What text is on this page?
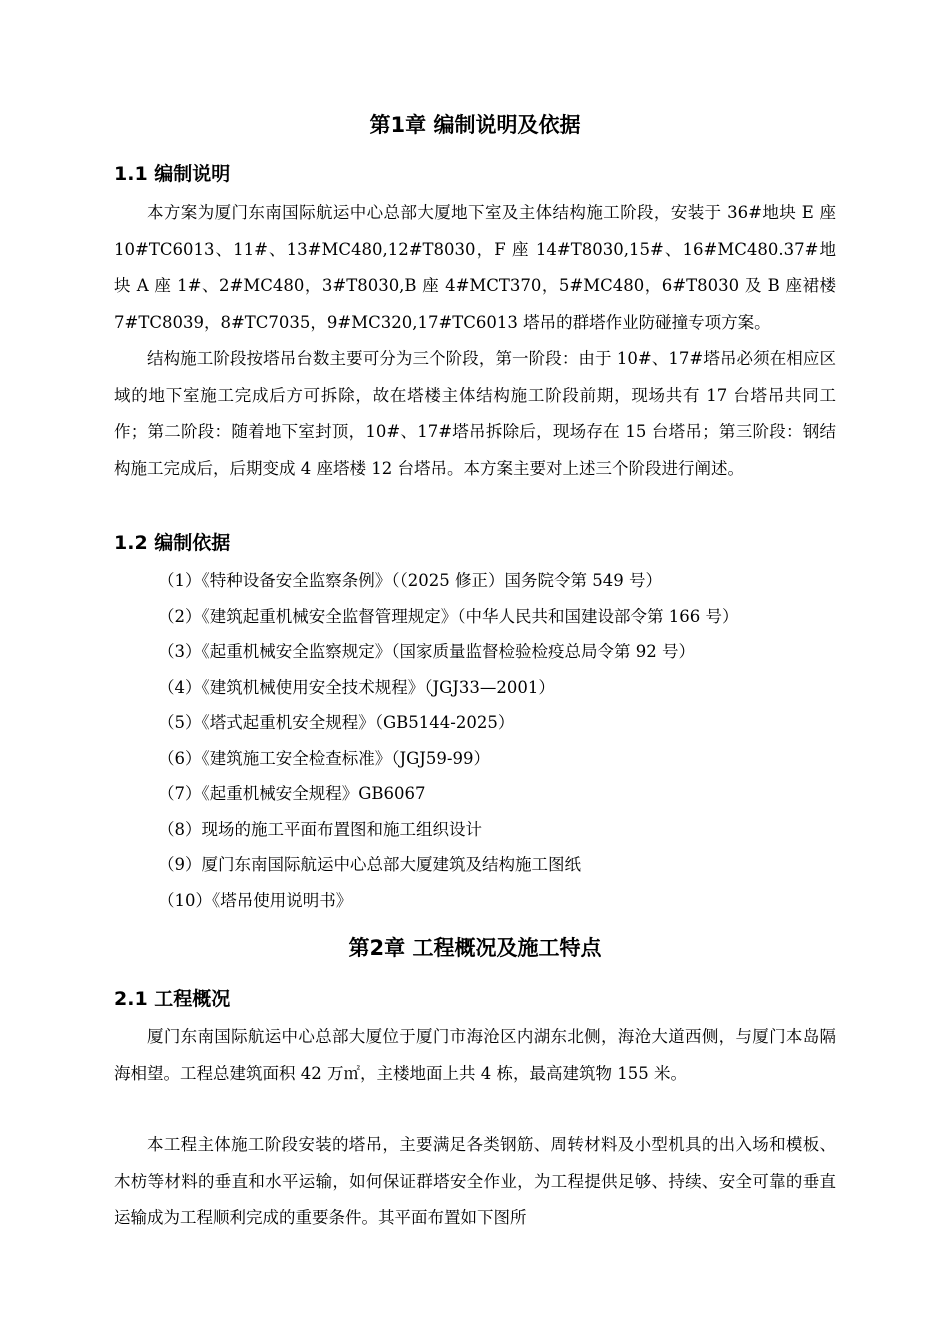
第1章 编制说明及依据
1.1 编制说明

本方案为厦门东南国际航运中心总部大厦地下室及主体结构施工阶段，安装于 36#地块 E 座 10#TC6013、11#、13#MC480,12#T8030，F 座 14#T8030,15#、16#MC480.37#地块 A 座 1#、2#MC480，3#T8030,B 座 4#MCT370，5#MC480，6#T8030 及 B 座裙楼 7#TC8039，8#TC7035，9#MC320,17#TC6013 塔吊的群塔作业防碰撞专项方案。

结构施工阶段按塔吊台数主要可分为三个阶段，第一阶段：由于 10#、17#塔吊必须在相应区域的地下室施工完成后方可拆除，故在塔楼主体结构施工阶段前期，现场共有 17 台塔吊共同工作；第二阶段：随着地下室封顶，10#、17#塔吊拆除后，现场存在 15 台塔吊；第三阶段：钢结构施工完成后，后期变成 4 座塔楼 12 台塔吊。本方案主要对上述三个阶段进行阐述。

1.2 编制依据
（1）《特种设备安全监察条例》（（2025 修正）国务院令第 549 号）
（2）《建筑起重机械安全监督管理规定》（中华人民共和国建设部令第 166 号）
（3）《起重机械安全监察规定》（国家质量监督检验检疫总局令第 92 号）
（4）《建筑机械使用安全技术规程》（JGJ33—2001）
（5）《塔式起重机安全规程》（GB5144-2025）
（6）《建筑施工安全检查标准》（JGJ59-99）
（7）《起重机械安全规程》GB6067
（8）现场的施工平面布置图和施工组织设计
（9）厦门东南国际航运中心总部大厦建筑及结构施工图纸
（10）《塔吊使用说明书》
第2章 工程概况及施工特点
2.1 工程概况

厦门东南国际航运中心总部大厦位于厦门市海沧区内湖东北侧，海沧大道西侧，与厦门本岛隔海相望。工程总建筑面积 42 万㎡，主楼地面上共 4 栋，最高建筑物 155 米。

本工程主体施工阶段安装的塔吊，主要满足各类钢筋、周转材料及小型机具的出入场和模板、木枋等材料的垂直和水平运输，如何保证群塔安全作业，为工程提供足够、持续、安全可靠的垂直运输成为工程顺利完成的重要条件。其平面布置如下图所
